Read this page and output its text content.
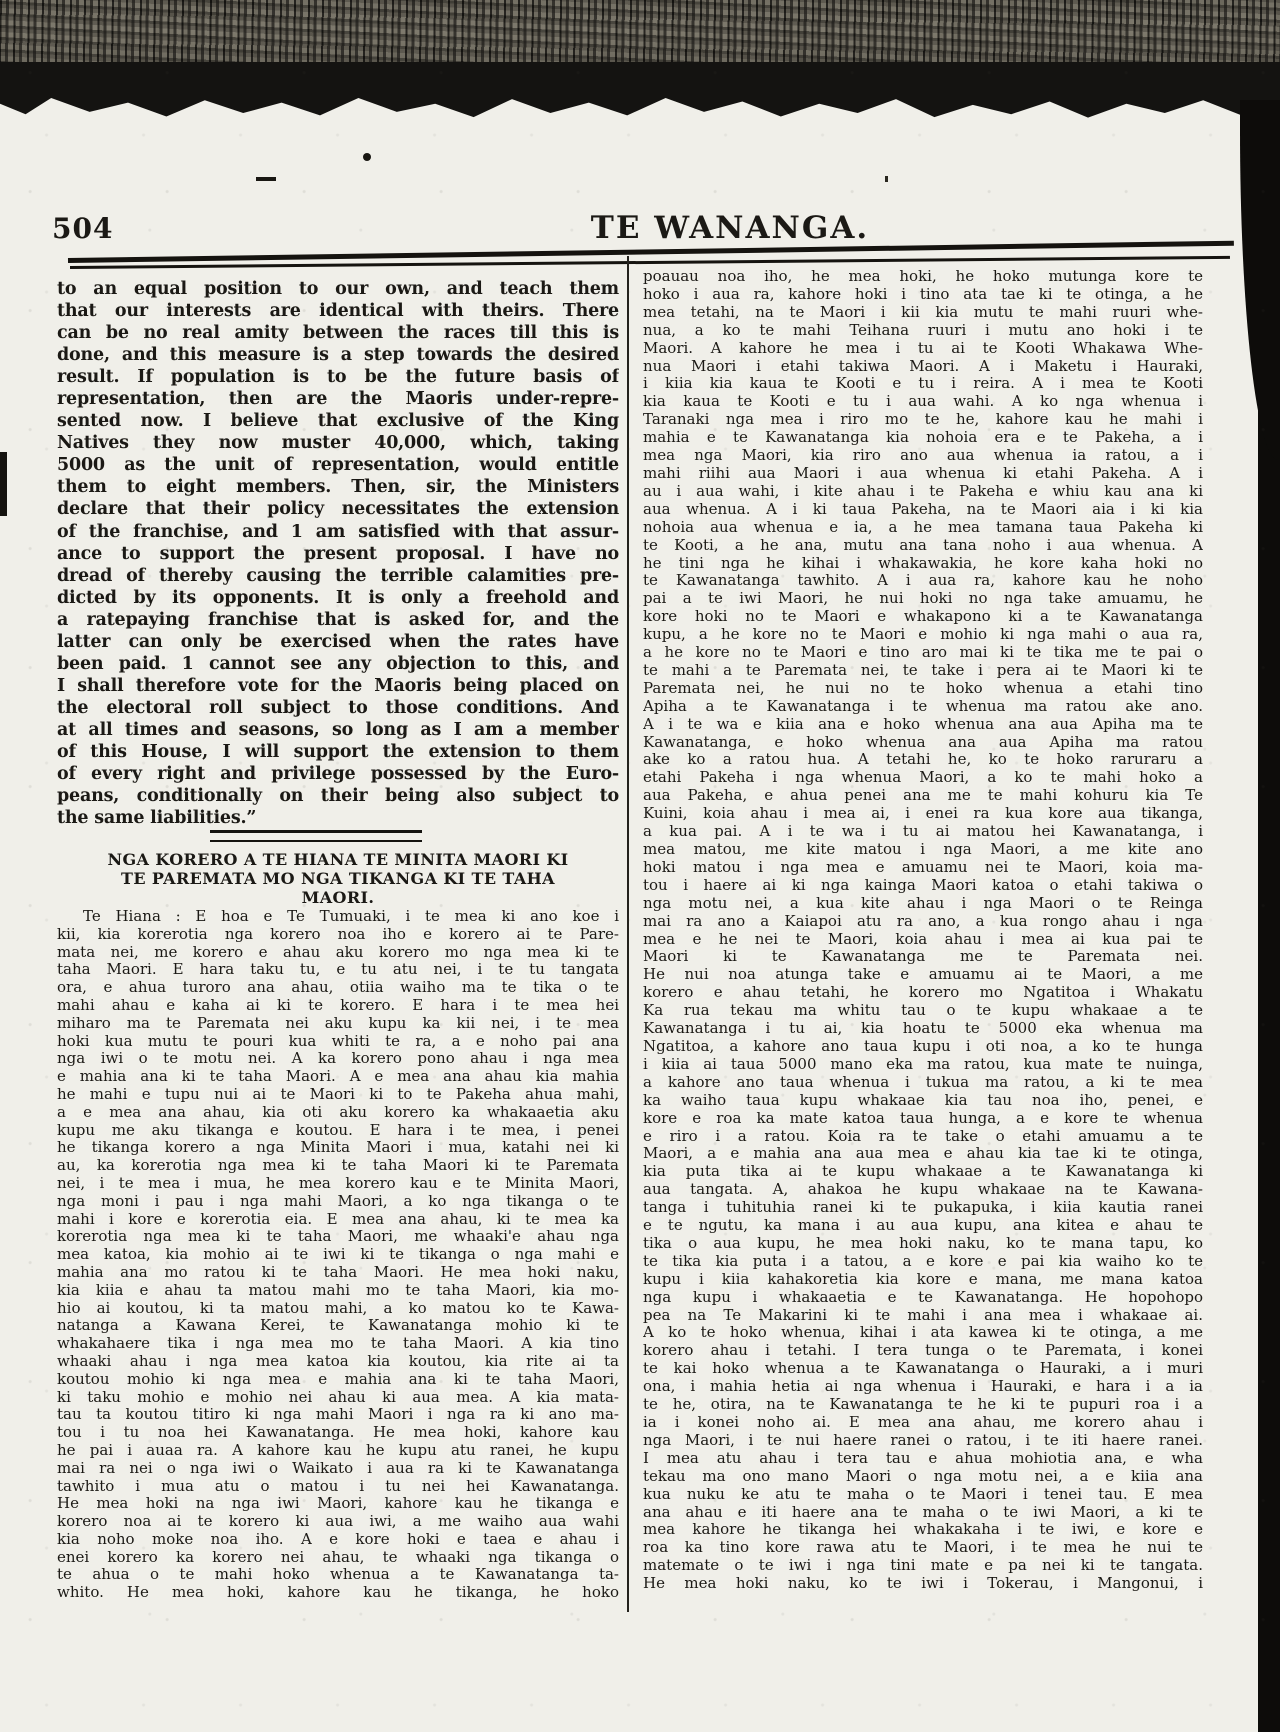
504	TE WANANGA.
to an equal position to our own, and teach them
that our interests are identical with theirs. There
can be no real amity between the races till this is
done, and this measure is a step towards the desired
result. If population is to be the future basis of
representation, then are the Maoris under-repre-
sented now. I believe that exclusive of the King
Natives they now muster 40,000, which, taking
5000 as the unit of representation, would entitle
them to eight members. Then, sir, the Ministers
declare that their policy necessitates the extension
of the franchise, and 1 am satisfied with that assur-
ance to support the present proposal. I have no
dread of thereby causing the terrible calamities pre-
dicted by its opponents. It is only a freehold and
a ratepaying franchise that is asked for, and the
latter can only be exercised when the rates have
been paid. 1 cannot see any objection to this, and
I shall therefore vote for the Maoris being placed on
the electoral roll subject to those conditions. And
at all times and seasons, so long as I am a member
of this House, I will support the extension to them
of every right and privilege possessed by the Euro-
peans, conditionally on their being also subject to
the same liabilities.”
NGA KORERO A TE HIANA TE MINITA MAORI KI
TE PAREMATA MO NGA TIKANGA KI TE TAHA
MAORI.
Te Hiana : E hoa e Te Tumuaki, i te mea ki ano koe i
kii, kia korerotia nga korero noa iho e korero ai te Pare-
mata nei, me korero e ahau aku korero mo nga mea ki te
taha Maori. E hara taku tu, e tu atu nei, i te tu tangata
ora, e ahua turoro ana ahau, otiia waiho ma te tika o te
mahi ahau e kaha ai ki te korero. E hara i te mea hei
miharo ma te Paremata nei aku kupu ka kii nei, i te mea
hoki kua mutu te pouri kua whiti te ra, a e noho pai ana
nga iwi o te motu nei. A ka korero pono ahau i nga mea
e mahia ana ki te taha Maori. A e mea ana ahau kia mahia
he mahi e tupu nui ai te Maori ki to te Pakeha ahua mahi,
a e mea ana ahau, kia oti aku korero ka whakaaetia aku
kupu me aku tikanga e koutou. E hara i te mea, i penei
he tikanga korero a nga Minita Maori i mua, katahi nei ki
au, ka korerotia nga mea ki te taha Maori ki te Paremata
nei, i te mea i mua, he mea korero kau e te Minita Maori,
nga moni i pau i nga mahi Maori, a ko nga tikanga o te
mahi i kore e korerotia eia. E mea ana ahau, ki te mea ka
korerotia nga mea ki te taha Maori, me whaaki'e ahau nga
mea katoa, kia mohio ai te iwi ki te tikanga o nga mahi e
mahia ana mo ratou ki te taha Maori. He mea hoki naku,
kia kiia e ahau ta matou mahi mo te taha Maori, kia mo-
hio ai koutou, ki ta matou mahi, a ko matou ko te Kawa-
natanga a Kawana Kerei, te Kawanatanga mohio ki te
whakahaere tika i nga mea mo te taha Maori. A kia tino
whaaki ahau i nga mea katoa kia koutou, kia rite ai ta
koutou mohio ki nga mea e mahia ana ki te taha Maori,
ki taku mohio e mohio nei ahau ki aua mea. A kia mata-
tau ta koutou titiro ki nga mahi Maori i nga ra ki ano ma-
tou i tu noa hei Kawanatanga. He mea hoki, kahore kau
he pai i auaa ra. A kahore kau he kupu atu ranei, he kupu
mai ra nei o nga iwi o Waikato i aua ra ki te Kawanatanga
tawhito i mua atu o matou i tu nei hei Kawanatanga.
He mea hoki na nga iwi Maori, kahore kau he tikanga e
korero noa ai te korero ki aua iwi, a me waiho aua wahi
kia noho moke noa iho. A e kore hoki e taea e ahau i
enei korero ka korero nei ahau, te whaaki nga tikanga o
te ahua o te mahi hoko whenua a te Kawanatanga ta-
whito. He mea hoki, kahore kau he tikanga, he hoko
poauau noa iho, he mea hoki, he hoko mutunga kore te
hoko i aua ra, kahore hoki i tino ata tae ki te otinga, a he
mea tetahi, na te Maori i kii kia mutu te mahi ruuri whe-
nua, a ko te mahi Teihana ruuri i mutu ano hoki i te
Maori. A kahore he mea i tu ai te Kooti Whakawa Whe-
nua Maori i etahi takiwa Maori. A i Maketu i Hauraki,
i kiia kia kaua te Kooti e tu i reira. A i mea te Kooti
kia kaua te Kooti e tu i aua wahi. A ko nga whenua i
Taranaki nga mea i riro mo te he, kahore kau he mahi i
mahia e te Kawanatanga kia nohoia era e te Pakeha, a i
mea nga Maori, kia riro ano aua whenua ia ratou, a i
mahi riihi aua Maori i aua whenua ki etahi Pakeha. A i
au i aua wahi, i kite ahau i te Pakeha e whiu kau ana ki
aua whenua. A i ki taua Pakeha, na te Maori aia i ki kia
nohoia aua whenua e ia, a he mea tamana taua Pakeha ki
te Kooti, a he ana, mutu ana tana noho i aua whenua. A
he tini nga he kihai i whakawakia, he kore kaha hoki no
te Kawanatanga tawhito. A i aua ra, kahore kau he noho
pai a te iwi Maori, he nui hoki no nga take amuamu, he
kore hoki no te Maori e whakapono ki a te Kawanatanga
kupu, a he kore no te Maori e mohio ki nga mahi o aua ra,
a he kore no te Maori e tino aro mai ki te tika me te pai o
te mahi a te Paremata nei, te take i pera ai te Maori ki te
Paremata nei, he nui no te hoko whenua a etahi tino
Apiha a te Kawanatanga i te whenua ma ratou ake ano.
A i te wa e kiia ana e hoko whenua ana aua Apiha ma te
Kawanatanga, e hoko whenua ana aua Apiha ma ratou
ake ko a ratou hua. A tetahi he, ko te hoko raruraru a
etahi Pakeha i nga whenua Maori, a ko te mahi hoko a
aua Pakeha, e ahua penei ana me te mahi kohuru kia Te
Kuini, koia ahau i mea ai, i enei ra kua kore aua tikanga,
a kua pai. A i te wa i tu ai matou hei Kawanatanga, i
mea matou, me kite matou i nga Maori, a me kite ano
hoki matou i nga mea e amuamu nei te Maori, koia ma-
tou i haere ai ki nga kainga Maori katoa o etahi takiwa o
nga motu nei, a kua kite ahau i nga Maori o te Reinga
mai ra ano a Kaiapoi atu ra ano, a kua rongo ahau i nga
mea e he nei te Maori, koia ahau i mea ai kua pai te
Maori ki te Kawanatanga me te Paremata nei.
He nui noa atunga take e amuamu ai te Maori, a me
korero e ahau tetahi, he korero mo Ngatitoa i Whakatu
Ka rua tekau ma whitu tau o te kupu whakaae a te
Kawanatanga i tu ai, kia hoatu te 5000 eka whenua ma
Ngatitoa, a kahore ano taua kupu i oti noa, a ko te hunga
i kiia ai taua 5000 mano eka ma ratou, kua mate te nuinga,
a kahore ano taua whenua i tukua ma ratou, a ki te mea
ka waiho taua kupu whakaae kia tau noa iho, penei, e
kore e roa ka mate katoa taua hunga, a e kore te whenua
e riro i a ratou. Koia ra te take o etahi amuamu a te
Maori, a e mahia ana aua mea e ahau kia tae ki te otinga,
kia puta tika ai te kupu whakaae a te Kawanatanga ki
aua tangata. A, ahakoa he kupu whakaae na te Kawana-
tanga i tuhituhia ranei ki te pukapuka, i kiia kautia ranei
e te ngutu, ka mana i au aua kupu, ana kitea e ahau te
tika o aua kupu, he mea hoki naku, ko te mana tapu, ko
te tika kia puta i a tatou, a e kore e pai kia waiho ko te
kupu i kiia kahakoretia kia kore e mana, me mana katoa
nga kupu i whakaaetia e te Kawanatanga. He hopohopo
pea na Te Makarini ki te mahi i ana mea i whakaae ai.
A ko te hoko whenua, kihai i ata kawea ki te otinga, a me
korero ahau i tetahi. I tera tunga o te Paremata, i konei
te kai hoko whenua a te Kawanatanga o Hauraki, a i muri
ona, i mahia hetia ai nga whenua i Hauraki, e hara i a ia
te he, otira, na te Kawanatanga te he ki te pupuri roa i a
ia i konei noho ai. E mea ana ahau, me korero ahau i
nga Maori, i te nui haere ranei o ratou, i te iti haere ranei.
I mea atu ahau i tera tau e ahua mohiotia ana, e wha
tekau ma ono mano Maori o nga motu nei, a e kiia ana
kua nuku ke atu te maha o te Maori i tenei tau. E mea
ana ahau e iti haere ana te maha o te iwi Maori, a ki te
mea kahore he tikanga hei whakakaha i te iwi, e kore e
roa ka tino kore rawa atu te Maori, i te mea he nui te
matemate o te iwi i nga tini mate e pa nei ki te tangata.
He mea hoki naku, ko te iwi i Tokerau, i Mangonui, i
